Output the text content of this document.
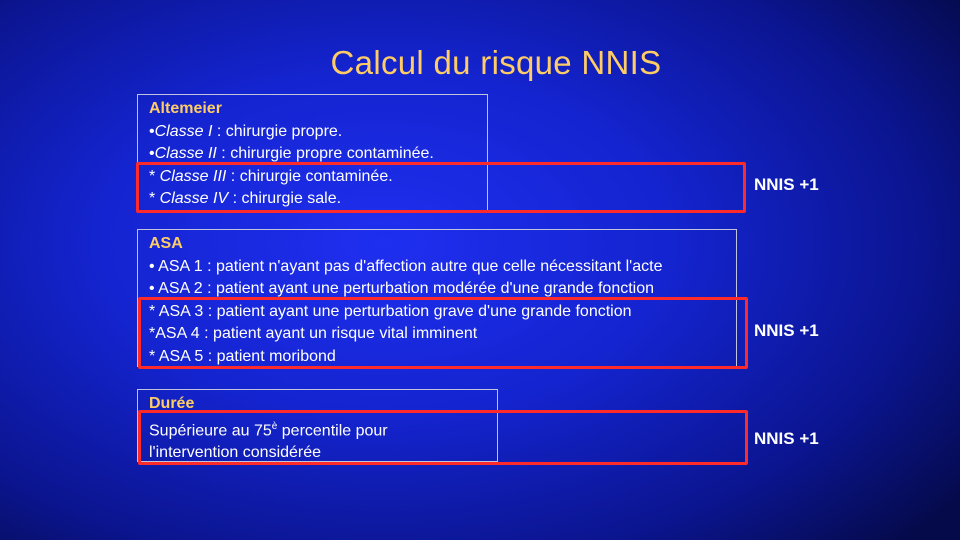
Calcul du risque NNIS
Altemeier
•Classe I : chirurgie propre.
•Classe II : chirurgie propre contaminée.
* Classe III : chirurgie contaminée.
* Classe IV : chirurgie sale.
NNIS +1
ASA
• ASA 1 : patient n'ayant pas d'affection autre que celle nécessitant l'acte
• ASA 2 : patient ayant une perturbation modérée d'une grande fonction
* ASA 3 : patient ayant une perturbation grave d'une grande fonction
*ASA 4 : patient ayant un risque vital imminent
* ASA 5 : patient moribond
NNIS +1
Durée
Supérieure au $75^è$ percentile pour
l'intervention considérée
NNIS +1
